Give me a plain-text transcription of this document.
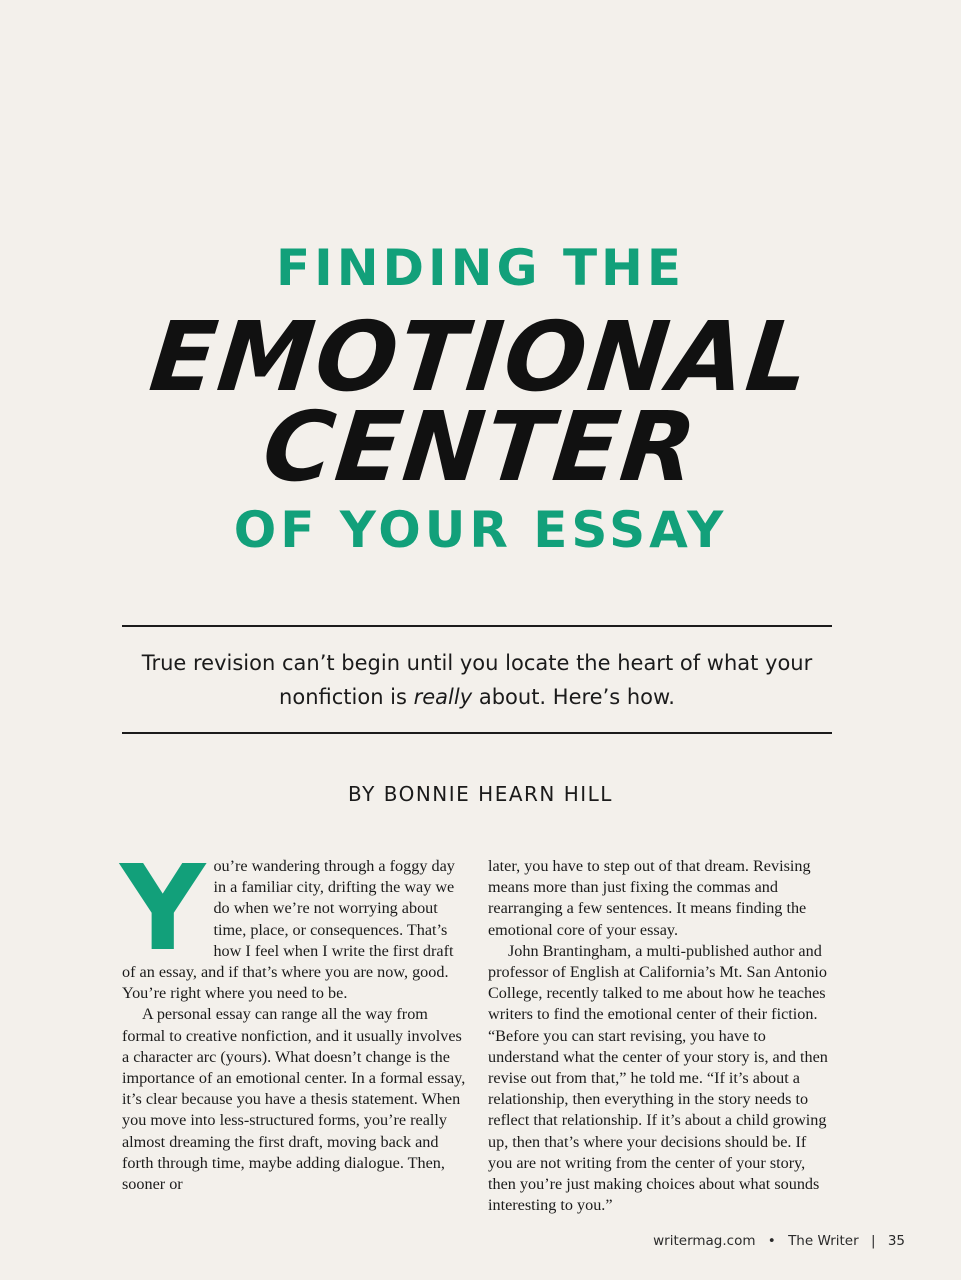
FINDING THE
EMOTIONAL
CENTER
OF YOUR ESSAY
True revision can’t begin until you locate the heart of what your nonfiction is really about. Here’s how.
BY BONNIE HEARN HILL

You’re wandering through a foggy day in a familiar city, drifting the way we do when we’re not worrying about time, place, or consequences. That’s how I feel when I write the first draft of an essay, and if that’s where you are now, good. You’re right where you need to be.

A personal essay can range all the way from formal to creative nonfiction, and it usually involves a character arc (yours). What doesn’t change is the importance of an emotional center. In a formal essay, it’s clear because you have a thesis statement. When you move into less-structured forms, you’re really almost dreaming the first draft, moving back and forth through time, maybe adding dialogue. Then, sooner or

later, you have to step out of that dream. Revising means more than just fixing the commas and rearranging a few sentences. It means finding the emotional core of your essay.

John Brantingham, a multi-published author and professor of English at California’s Mt. San Antonio College, recently talked to me about how he teaches writers to find the emotional center of their fiction. “Before you can start revising, you have to understand what the center of your story is, and then revise out from that,” he told me. “If it’s about a relationship, then everything in the story needs to reflect that relationship. If it’s about a child growing up, then that’s where your decisions should be. If you are not writing from the center of your story, then you’re just making choices about what sounds interesting to you.”

writermag.com • The Writer | 35
